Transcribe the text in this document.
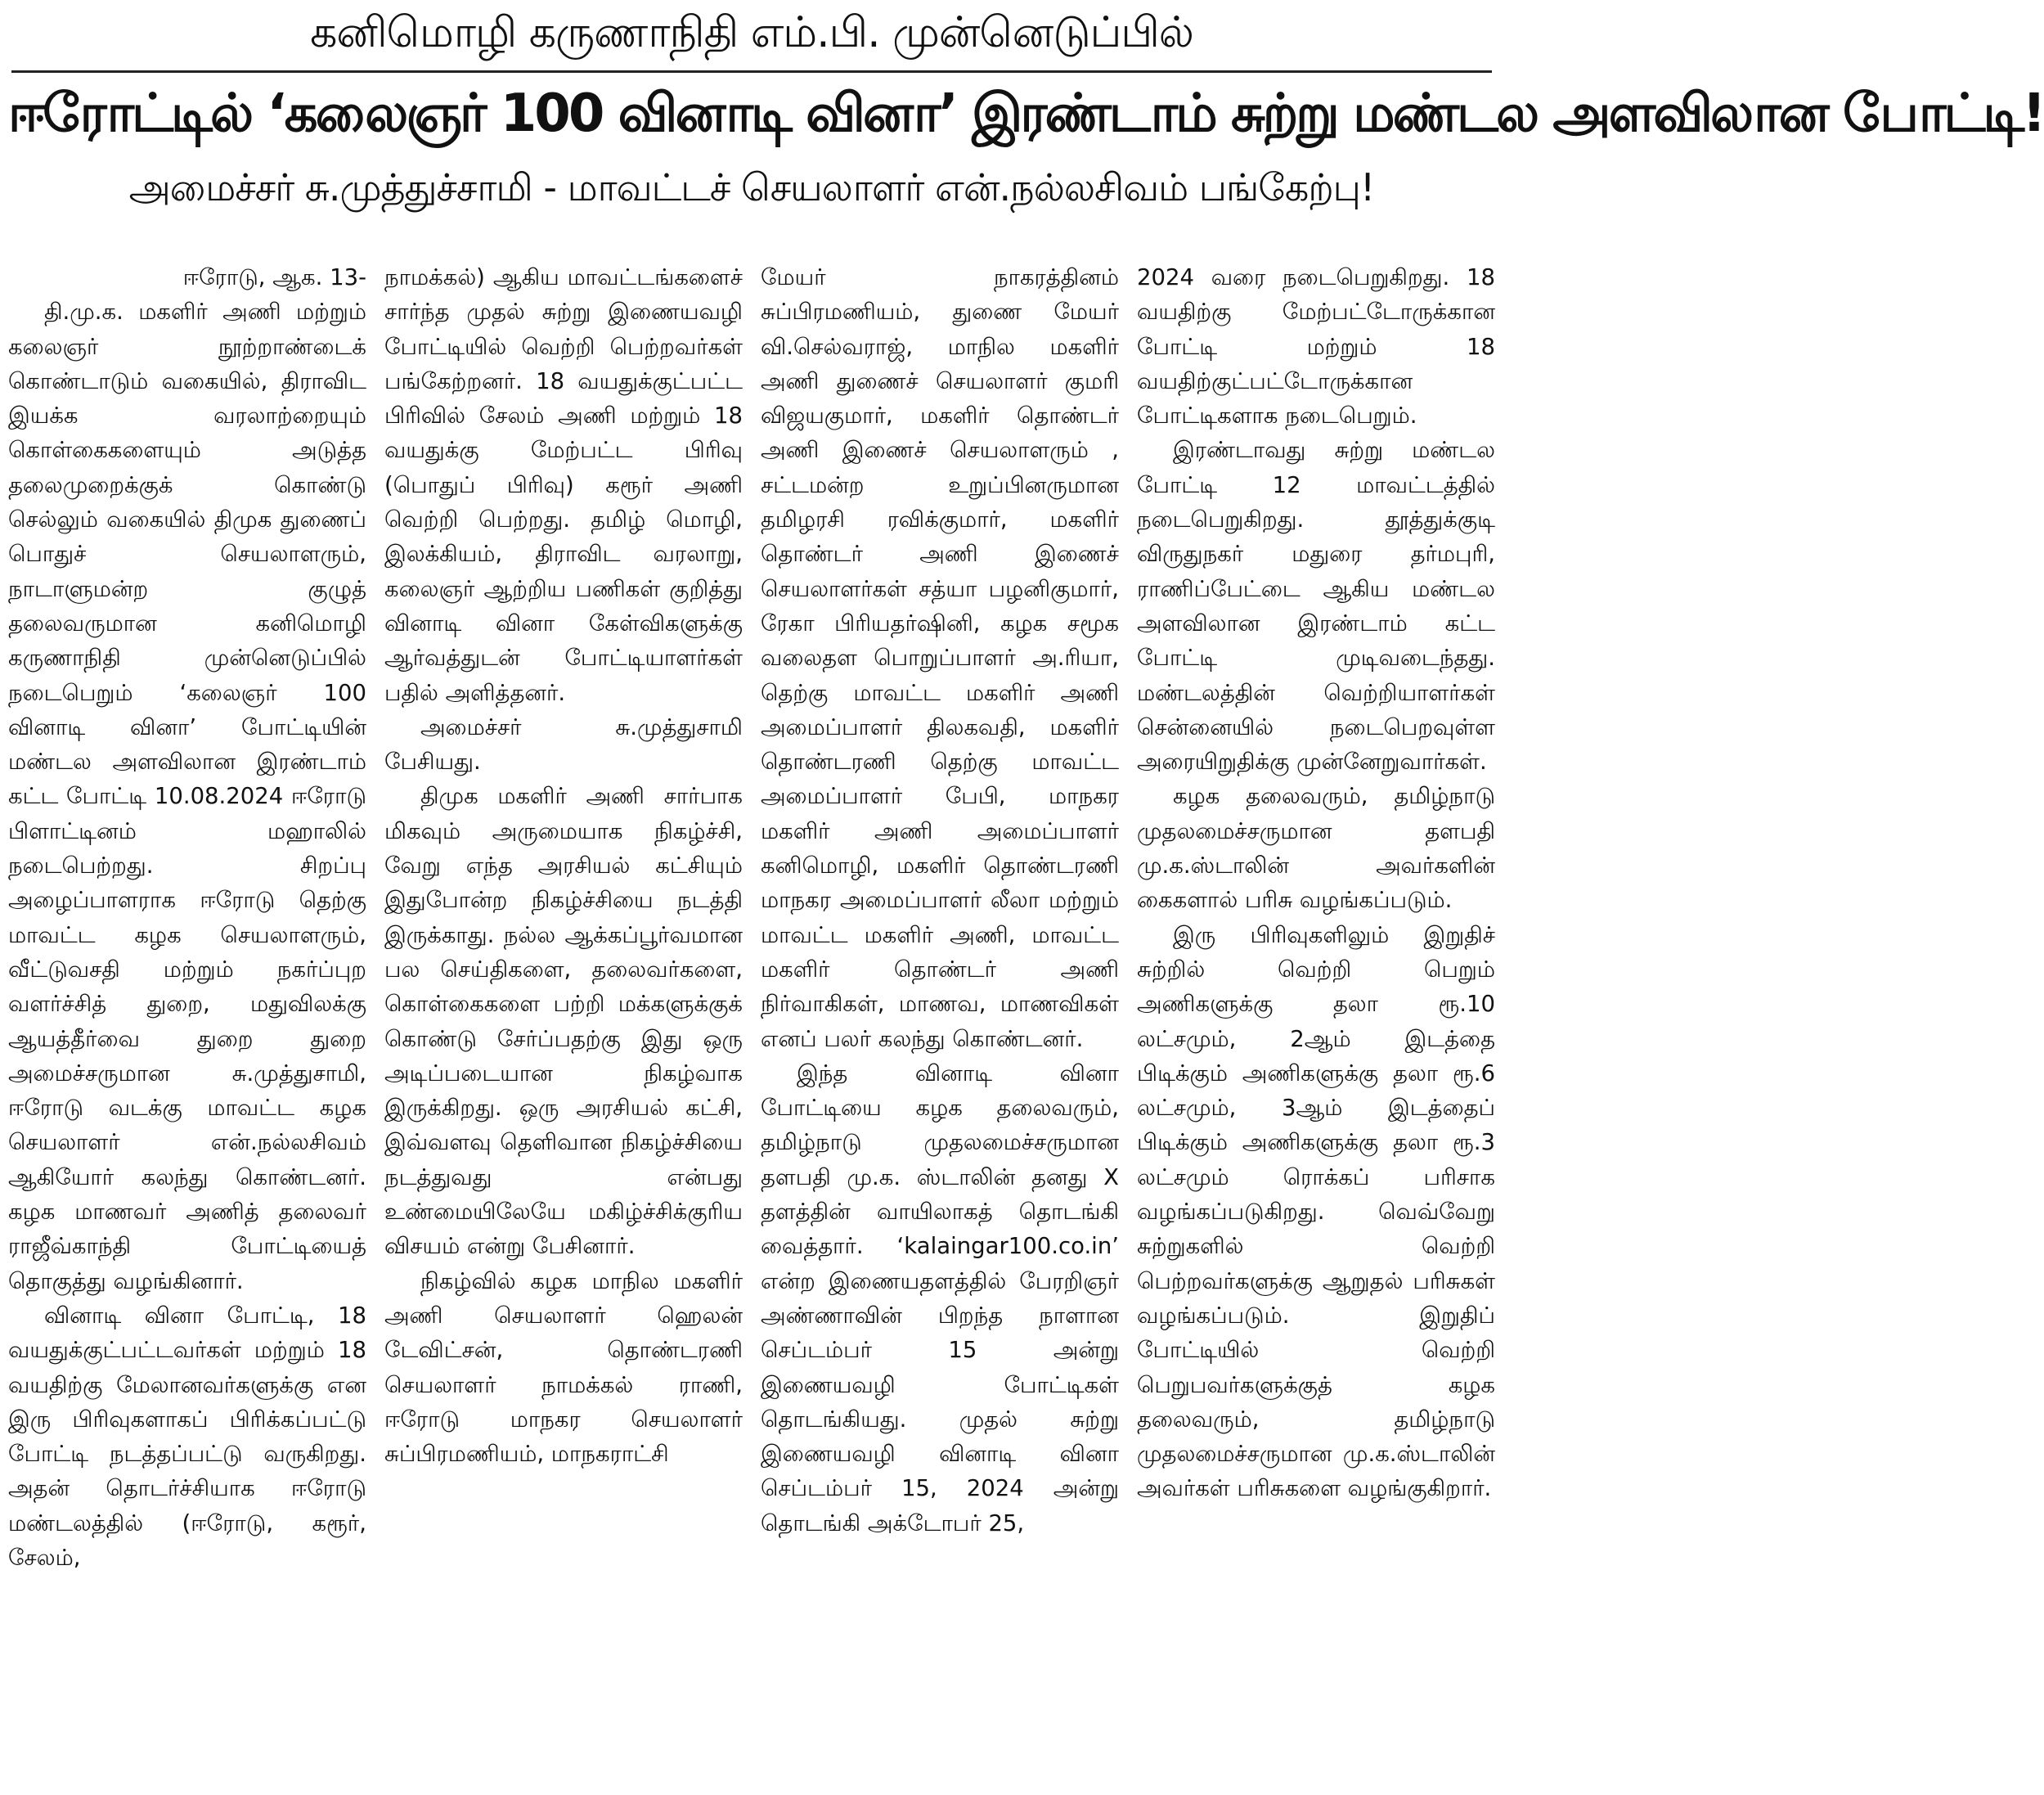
கனிமொழி கருணாநிதி எம்.பி. முன்னெடுப்பில்
ஈரோட்டில் ‘கலைஞர் 100 வினாடி வினா’ இரண்டாம் சுற்று மண்டல அளவிலான போட்டி!
அமைச்சர் சு.முத்துச்சாமி - மாவட்டச் செயலாளர் என்.நல்லசிவம் பங்கேற்பு!

ஈரோடு, ஆக. 13-

தி.மு.க. மகளிர் அணி மற்றும் கலைஞர் நூற்றாண்டைக் கொண்டாடும் வகையில், திராவிட இயக்க வரலாற்றையும் கொள்கைகளையும் அடுத்த தலைமுறைக்குக் கொண்டு செல்லும் வகையில் திமுக துணைப் பொதுச் செயலாளரும், நாடாளுமன்ற குழுத் தலைவருமான கனிமொழி கருணாநிதி முன்னெடுப்பில் நடைபெறும் ‘கலைஞர் 100 வினாடி வினா’ போட்டியின் மண்டல அளவிலான இரண்டாம் கட்ட போட்டி 10.08.2024 ஈரோடு பிளாட்டினம் மஹாலில் நடைபெற்றது. சிறப்பு அழைப்பாளராக ஈரோடு தெற்கு மாவட்ட கழக செயலாளரும், வீட்டுவசதி மற்றும் நகர்ப்புற வளர்ச்சித் துறை, மதுவிலக்கு ஆயத்தீர்வை துறை துறை அமைச்சருமான சு.முத்துசாமி, ஈரோடு வடக்கு மாவட்ட கழக செயலாளர் என்.நல்லசிவம் ஆகியோர் கலந்து கொண்டனர். கழக மாணவர் அணித் தலைவர் ராஜீவ்காந்தி போட்டியைத் தொகுத்து வழங்கினார்.

வினாடி வினா போட்டி, 18 வயதுக்குட்பட்டவர்கள் மற்றும் 18 வயதிற்கு மேலானவர்களுக்கு என இரு பிரிவுகளாகப் பிரிக்கப்பட்டு போட்டி நடத்தப்பட்டு வருகிறது. அதன் தொடர்ச்சியாக ஈரோடு மண்டலத்தில் (ஈரோடு, கரூர், சேலம்,

நாமக்கல்) ஆகிய மாவட்டங்களைச் சார்ந்த முதல் சுற்று இணையவழி போட்டியில் வெற்றி பெற்றவர்கள் பங்கேற்றனர். 18 வயதுக்குட்பட்ட பிரிவில் சேலம் அணி மற்றும் 18 வயதுக்கு மேற்பட்ட பிரிவு (பொதுப் பிரிவு) கரூர் அணி வெற்றி பெற்றது. தமிழ் மொழி, இலக்கியம், திராவிட வரலாறு, கலைஞர் ஆற்றிய பணிகள் குறித்து வினாடி வினா கேள்விகளுக்கு ஆர்வத்துடன் போட்டியாளர்கள் பதில் அளித்தனர்.

அமைச்சர் சு.முத்துசாமி பேசியது.

திமுக மகளிர் அணி சார்பாக மிகவும் அருமையாக நிகழ்ச்சி, வேறு எந்த அரசியல் கட்சியும் இதுபோன்ற நிகழ்ச்சியை நடத்தி இருக்காது. நல்ல ஆக்கப்பூர்வமான பல செய்திகளை, தலைவர்களை, கொள்கைகளை பற்றி மக்களுக்குக் கொண்டு சேர்ப்பதற்கு இது ஒரு அடிப்படையான நிகழ்வாக இருக்கிறது. ஒரு அரசியல் கட்சி, இவ்வளவு தெளிவான நிகழ்ச்சியை நடத்துவது என்பது உண்மையிலேயே மகிழ்ச்சிக்குரிய விசயம் என்று பேசினார்.

நிகழ்வில் கழக மாநில மகளிர் அணி செயலாளர் ஹெலன் டேவிட்சன், தொண்டரணி செயலாளர் நாமக்கல் ராணி, ஈரோடு மாநகர செயலாளர் சுப்பிரமணியம், மாநகராட்சி

மேயர் நாகரத்தினம் சுப்பிரமணியம், துணை மேயர் வி.செல்வராஜ், மாநில மகளிர் அணி துணைச் செயலாளர் குமரி விஜயகுமார், மகளிர் தொண்டர் அணி இணைச் செயலாளரும் , சட்டமன்ற உறுப்பினருமான தமிழரசி ரவிக்குமார், மகளிர் தொண்டர் அணி இணைச் செயலாளர்கள் சத்யா பழனிகுமார், ரேகா பிரியதர்ஷினி, கழக சமூக வலைதள பொறுப்பாளர் அ.ரியா, தெற்கு மாவட்ட மகளிர் அணி அமைப்பாளர் திலகவதி, மகளிர் தொண்டரணி தெற்கு மாவட்ட அமைப்பாளர் பேபி, மாநகர மகளிர் அணி அமைப்பாளர் கனிமொழி, மகளிர் தொண்டரணி மாநகர அமைப்பாளர் லீலா மற்றும் மாவட்ட மகளிர் அணி, மாவட்ட மகளிர் தொண்டர் அணி நிர்வாகிகள், மாணவ, மாணவிகள் எனப் பலர் கலந்து கொண்டனர்.

இந்த வினாடி வினா போட்டியை கழக தலைவரும், தமிழ்நாடு முதலமைச்சருமான தளபதி மு.க. ஸ்டாலின் தனது X தளத்தின் வாயிலாகத் தொடங்கி வைத்தார். ‘kalaingar100.co.in’ என்ற இணையதளத்தில் பேரறிஞர் அண்ணாவின் பிறந்த நாளான செப்டம்பர் 15 அன்று இணையவழி போட்டிகள் தொடங்கியது. முதல் சுற்று இணையவழி வினாடி வினா செப்டம்பர் 15, 2024 அன்று தொடங்கி அக்டோபர் 25,

2024 வரை நடைபெறுகிறது. 18 வயதிற்கு மேற்பட்டோருக்கான போட்டி மற்றும் 18 வயதிற்குட்பட்டோருக்கான போட்டிகளாக நடைபெறும்.

இரண்டாவது சுற்று மண்டல போட்டி 12 மாவட்டத்தில் நடைபெறுகிறது. தூத்துக்குடி விருதுநகர் மதுரை தர்மபுரி, ராணிப்பேட்டை ஆகிய மண்டல அளவிலான இரண்டாம் கட்ட போட்டி முடிவடைந்தது. மண்டலத்தின் வெற்றியாளர்கள் சென்னையில் நடைபெறவுள்ள அரையிறுதிக்கு முன்னேறுவார்கள்.

கழக தலைவரும், தமிழ்நாடு முதலமைச்சருமான தளபதி மு.க.ஸ்டாலின் அவர்களின் கைகளால் பரிசு வழங்கப்படும்.

இரு பிரிவுகளிலும் இறுதிச் சுற்றில் வெற்றி பெறும் அணிகளுக்கு தலா ரூ.10 லட்சமும், 2ஆம் இடத்தை பிடிக்கும் அணிகளுக்கு தலா ரூ.6 லட்சமும், 3ஆம் இடத்தைப் பிடிக்கும் அணிகளுக்கு தலா ரூ.3 லட்சமும் ரொக்கப் பரிசாக வழங்கப்படுகிறது. வெவ்வேறு சுற்றுகளில் வெற்றி பெற்றவர்களுக்கு ஆறுதல் பரிசுகள் வழங்கப்படும். இறுதிப் போட்டியில் வெற்றி பெறுபவர்களுக்குத் கழக தலைவரும், தமிழ்நாடு முதலமைச்சருமான மு.க.ஸ்டாலின் அவர்கள் பரிசுகளை வழங்குகிறார்.
